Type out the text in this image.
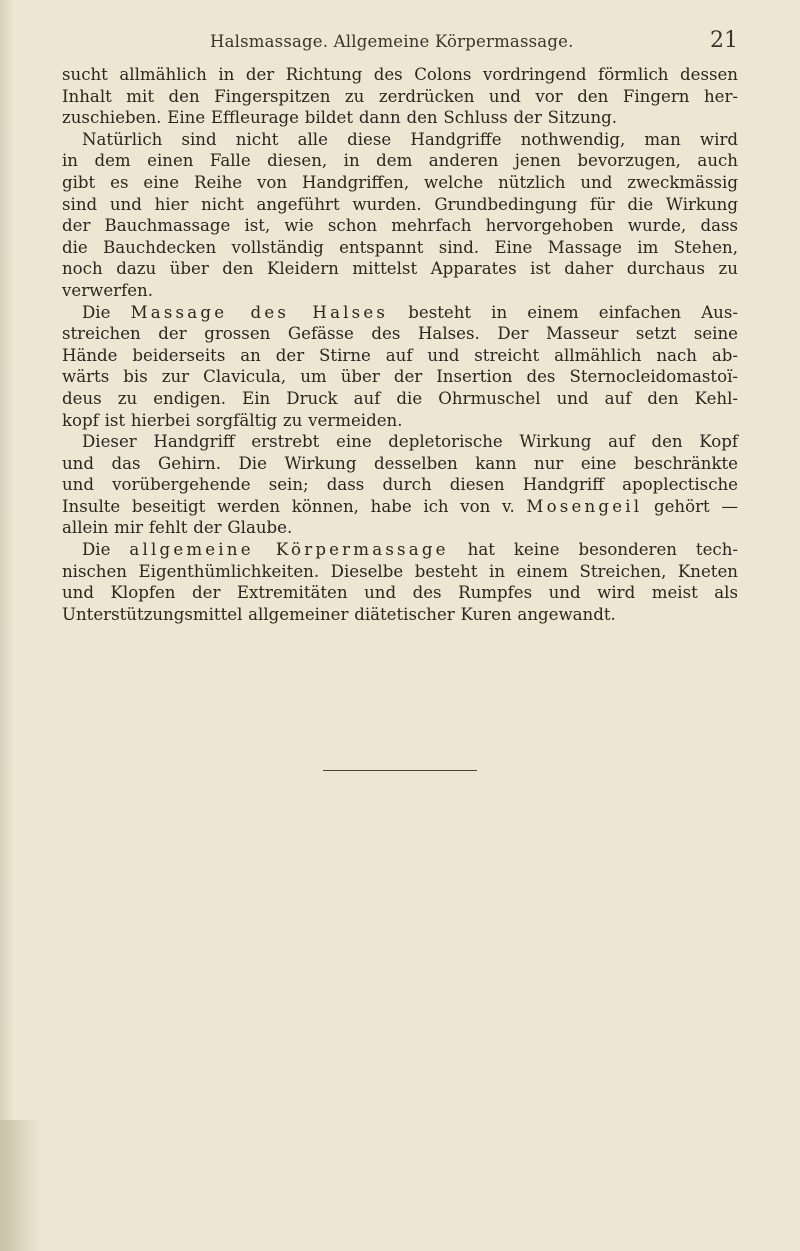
Halsmassage. Allgemeine Körpermassage.	21
sucht allmählich in der Richtung des Colons vordringend förmlich dessen
Inhalt mit den Fingerspitzen zu zerdrücken und vor den Fingern her-
zuschieben. Eine Effleurage bildet dann den Schluss der Sitzung.
Natürlich sind nicht alle diese Handgriffe nothwendig, man wird
in dem einen Falle diesen, in dem anderen jenen bevorzugen, auch
gibt es eine Reihe von Handgriffen, welche nützlich und zweckmässig
sind und hier nicht angeführt wurden. Grundbedingung für die Wirkung
der Bauchmassage ist, wie schon mehrfach hervorgehoben wurde, dass
die Bauchdecken vollständig entspannt sind. Eine Massage im Stehen,
noch dazu über den Kleidern mittelst Apparates ist daher durchaus zu
verwerfen.
Die Massage des Halses besteht in einem einfachen Aus-
streichen der grossen Gefässe des Halses. Der Masseur setzt seine
Hände beiderseits an der Stirne auf und streicht allmählich nach ab-
wärts bis zur Clavicula, um über der Insertion des Sternocleidomastoï-
deus zu endigen. Ein Druck auf die Ohrmuschel und auf den Kehl-
kopf ist hierbei sorgfältig zu vermeiden.
Dieser Handgriff erstrebt eine depletorische Wirkung auf den Kopf
und das Gehirn. Die Wirkung desselben kann nur eine beschränkte
und vorübergehende sein; dass durch diesen Handgriff apoplectische
Insulte beseitigt werden können, habe ich von v. Mosengeil gehört —
allein mir fehlt der Glaube.
Die allgemeine Körpermassage hat keine besonderen tech-
nischen Eigenthümlichkeiten. Dieselbe besteht in einem Streichen, Kneten
und Klopfen der Extremitäten und des Rumpfes und wird meist als
Unterstützungsmittel allgemeiner diätetischer Kuren angewandt.
